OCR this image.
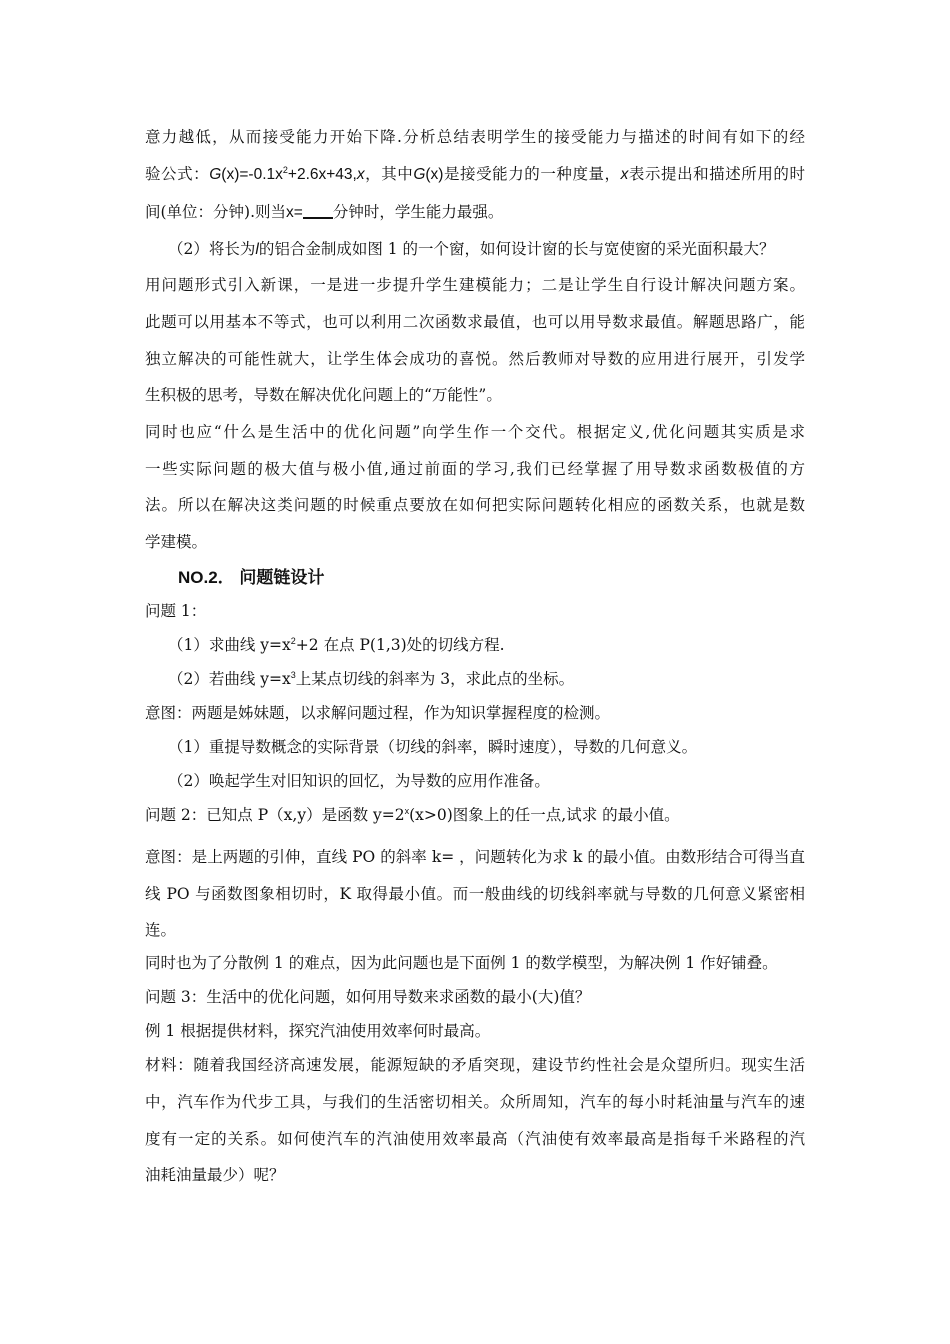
意力越低，从而接受能力开始下降.分析总结表明学生的接受能力与描述的时间有如下的经

验公式：$G(x)=-0.1x^2+2.6x+43,x$，其中G(x)是接受能力的一种度量，x表示提出和描述所用的时

间(单位：分钟).则当x= 分钟时，学生能力最强。

（2）将长为l的铝合金制成如图 1 的一个窗，如何设计窗的长与宽使窗的采光面积最大？

用问题形式引入新课，一是进一步提升学生建模能力；二是让学生自行设计解决问题方案。

此题可以用基本不等式，也可以利用二次函数求最值，也可以用导数求最值。解题思路广，能

独立解决的可能性就大，让学生体会成功的喜悦。然后教师对导数的应用进行展开，引发学

生积极的思考，导数在解决优化问题上的“万能性”。

同时也应“什么是生活中的优化问题”向学生作一个交代。根据定义,优化问题其实质是求

一些实际问题的极大值与极小值,通过前面的学习,我们已经掌握了用导数求函数极值的方

法。所以在解决这类问题的时候重点要放在如何把实际问题转化相应的函数关系，也就是数

学建模。

NO.2． 问题链设计

问题 1：

（1）求曲线 $y=x^2+2$ 在点 P(1,3)处的切线方程.

（2）若曲线 $y=x^3$上某点切线的斜率为 3，求此点的坐标。

意图：两题是姊妹题，以求解问题过程，作为知识掌握程度的检测。

（1）重提导数概念的实际背景（切线的斜率，瞬时速度），导数的几何意义。

（2）唤起学生对旧知识的回忆，为导数的应用作准备。

问题 2：已知点 P（x,y）是函数 $y=2^x(x>0)$图象上的任一点,试求 的最小值。

意图：是上两题的引伸，直线 PO 的斜率 k= ，问题转化为求 k 的最小值。由数形结合可得当直

线 PO 与函数图象相切时，K 取得最小值。而一般曲线的切线斜率就与导数的几何意义紧密相

连。

同时也为了分散例 1 的难点，因为此问题也是下面例 1 的数学模型，为解决例 1 作好铺叠。

问题 3：生活中的优化问题，如何用导数来求函数的最小(大)值？

例 1 根据提供材料，探究汽油使用效率何时最高。

材料：随着我国经济高速发展，能源短缺的矛盾突现，建设节约性社会是众望所归。现实生活

中，汽车作为代步工具，与我们的生活密切相关。众所周知，汽车的每小时耗油量与汽车的速

度有一定的关系。如何使汽车的汽油使用效率最高（汽油使有效率最高是指每千米路程的汽

油耗油量最少）呢？
